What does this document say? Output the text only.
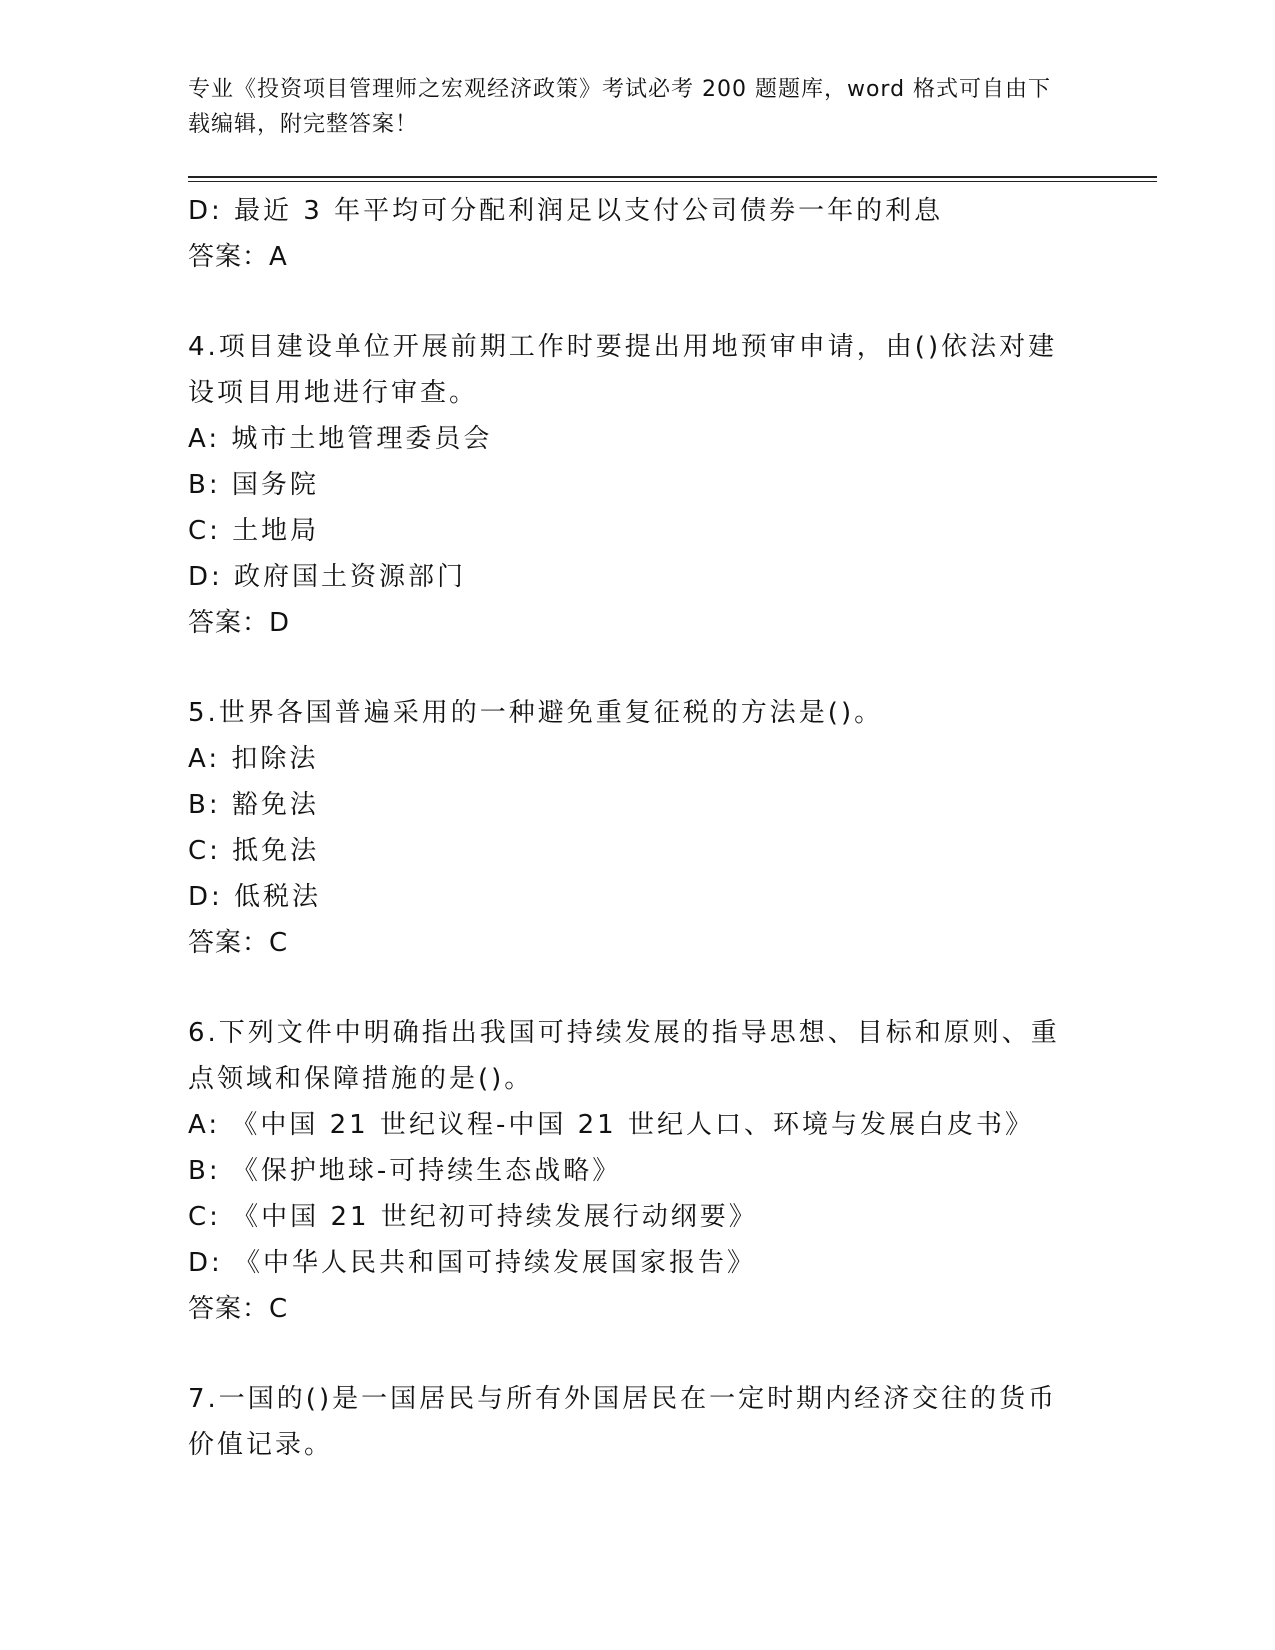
专业《投资项目管理师之宏观经济政策》考试必考 200 题题库，word 格式可自由下载编辑，附完整答案！
D: 最近 3 年平均可分配利润足以支付公司债券一年的利息
答案：A
4.项目建设单位开展前期工作时要提出用地预审申请，由()依法对建设项目用地进行审查。
A: 城市土地管理委员会
B: 国务院
C: 土地局
D: 政府国土资源部门
答案：D
5.世界各国普遍采用的一种避免重复征税的方法是()。
A: 扣除法
B: 豁免法
C: 抵免法
D: 低税法
答案：C
6.下列文件中明确指出我国可持续发展的指导思想、目标和原则、重点领域和保障措施的是()。
A: 《中国 21 世纪议程-中国 21 世纪人口、环境与发展白皮书》
B: 《保护地球-可持续生态战略》
C: 《中国 21 世纪初可持续发展行动纲要》
D: 《中华人民共和国可持续发展国家报告》
答案：C
7.一国的()是一国居民与所有外国居民在一定时期内经济交往的货币价值记录。
